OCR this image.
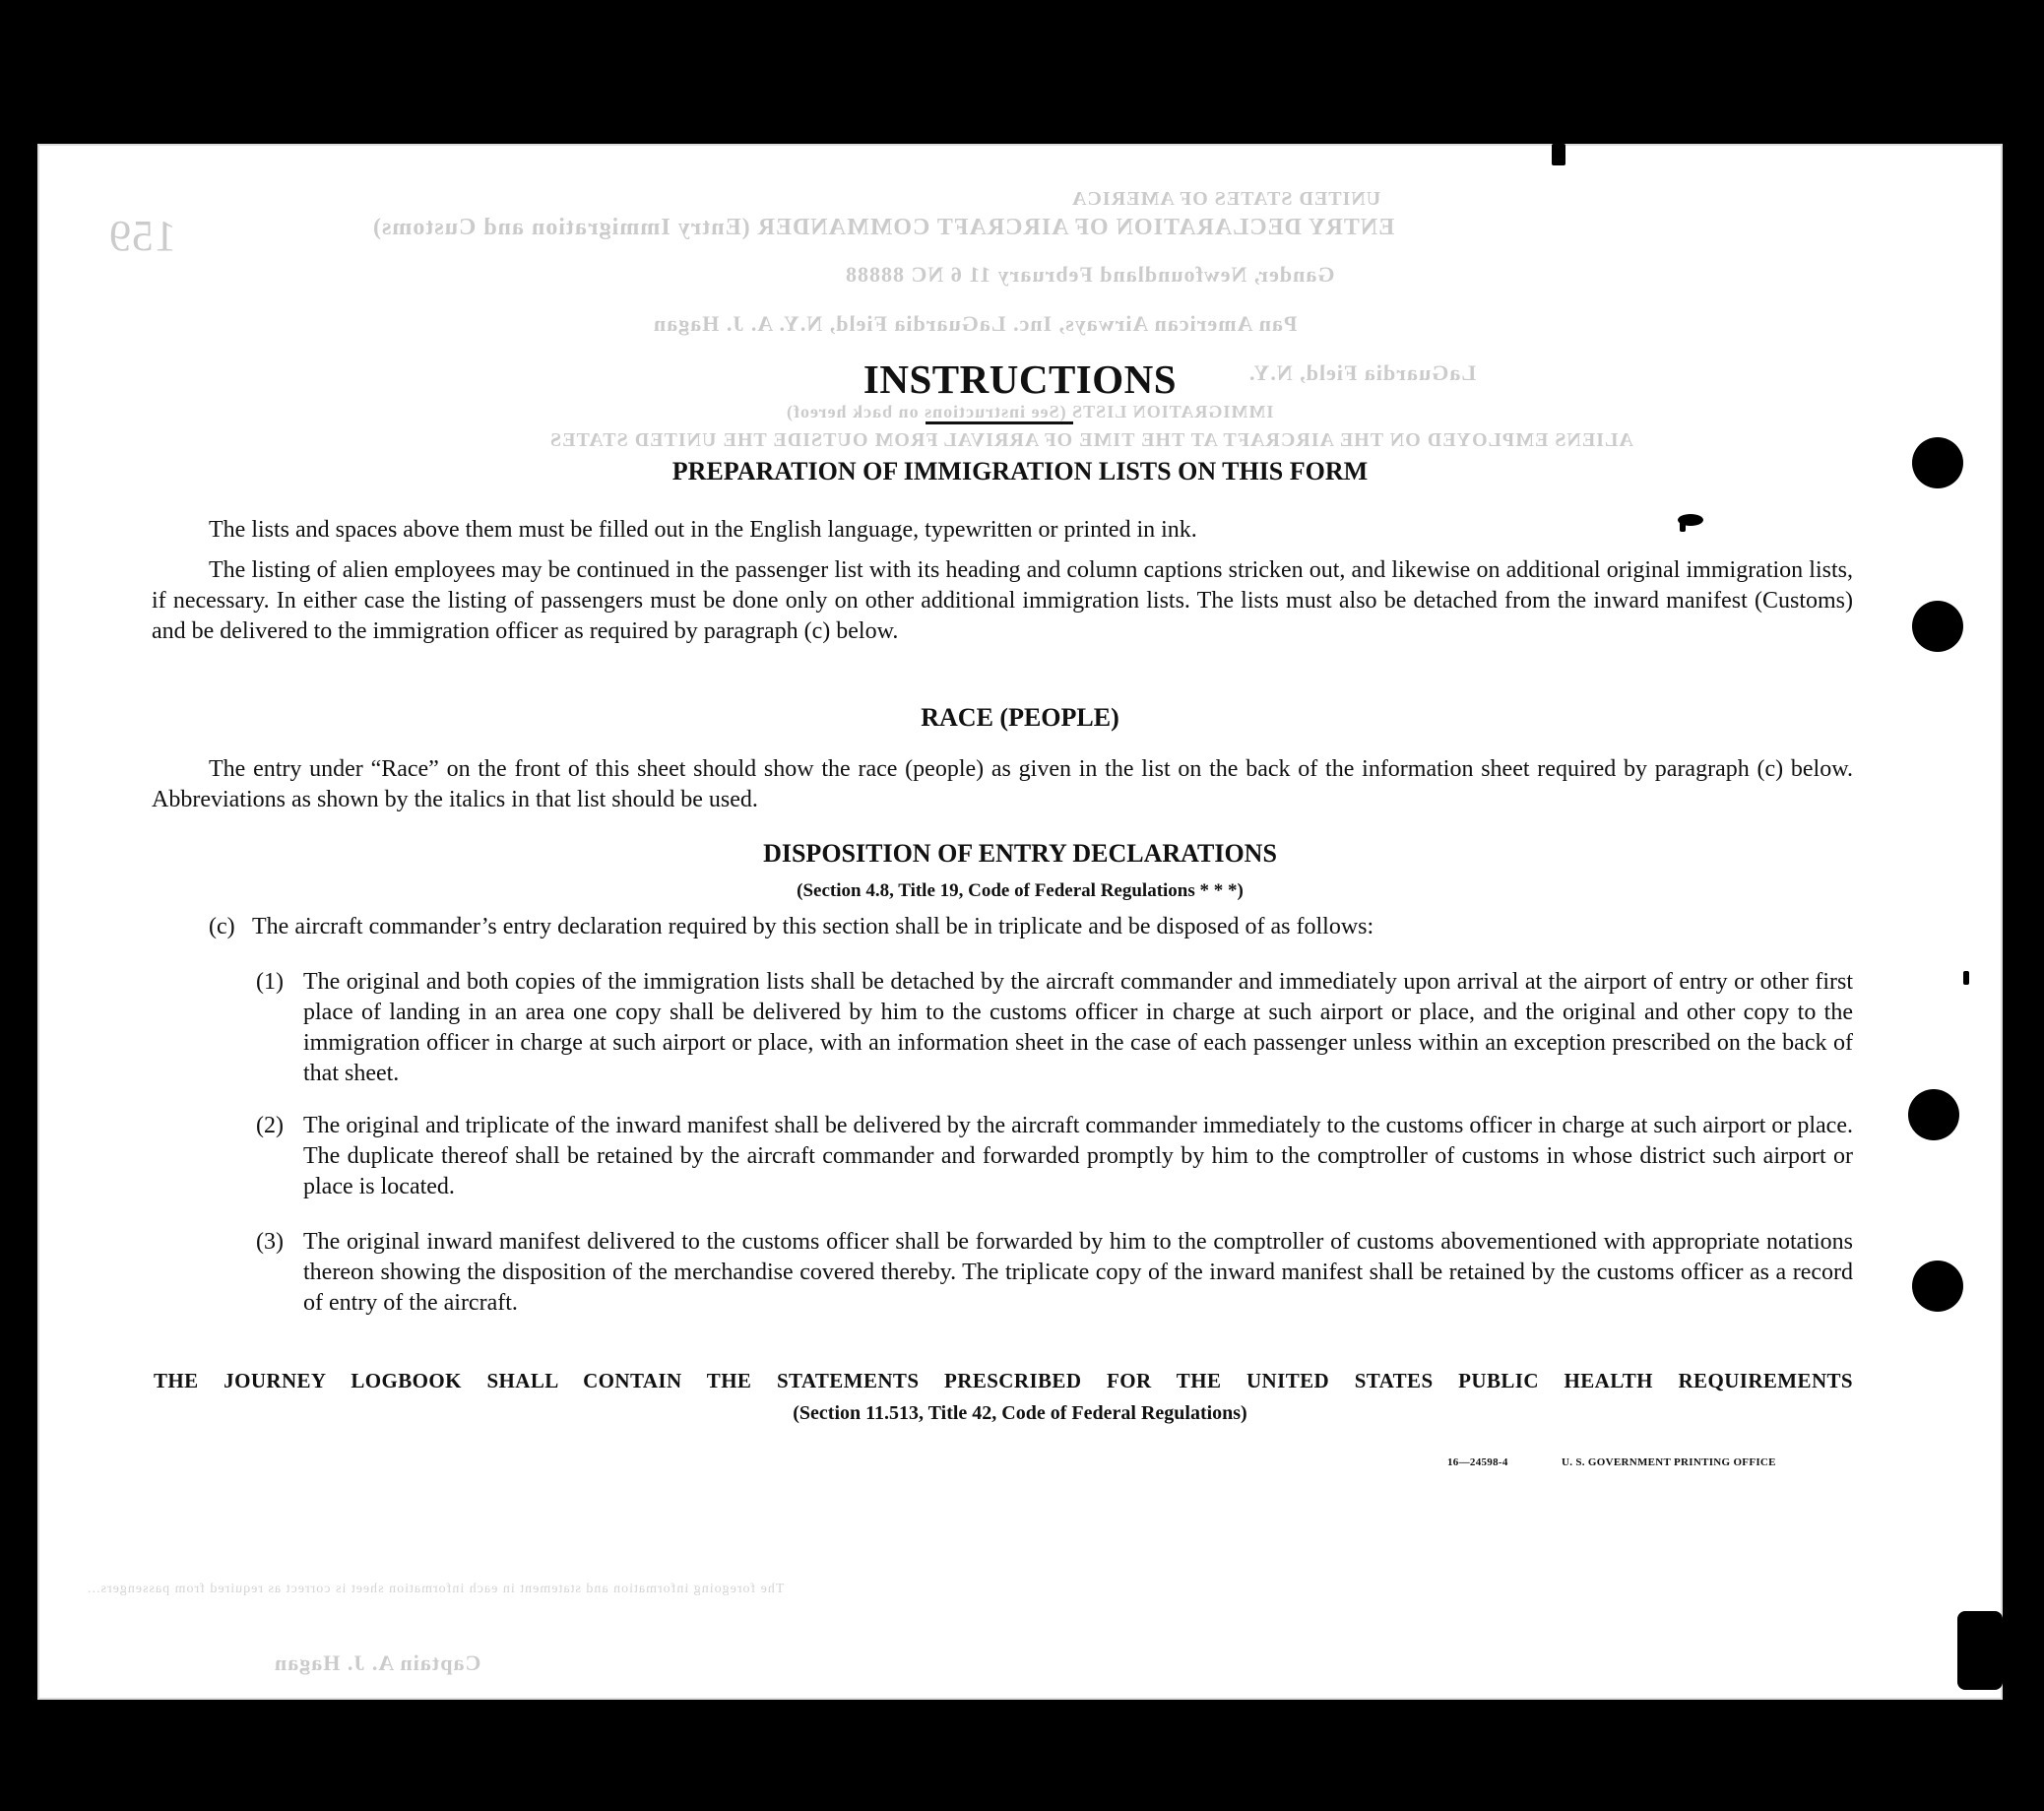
159
UNITED STATES OF AMERICA
ENTRY DECLARATION OF AIRCRAFT COMMANDER (Entry Immigration and Customs)
Gander, Newfoundland February 11 6 NC 88888
Pan American Airways, Inc. LaGuardia Field, N.Y. A. J. Hagan
LaGuardia Field, N.Y.
IMMIGRATION LISTS (See instructions on back hereof)
ALIENS EMPLOYED ON THE AIRCRAFT AT THE TIME OF ARRIVAL FROM OUTSIDE THE UNITED STATES
The foregoing information and statement in each information sheet is correct as required from passengers...
Captain A. J. Hagan
INSTRUCTIONS
PREPARATION OF IMMIGRATION LISTS ON THIS FORM
The lists and spaces above them must be filled out in the English language, typewritten or printed in ink.
The listing of alien employees may be continued in the passenger list with its heading and column captions stricken out, and likewise on additional original immigration lists, if necessary. In either case the listing of passengers must be done only on other additional immigration lists. The lists must also be detached from the inward manifest (Customs) and be delivered to the immigration officer as required by paragraph (c) below.
RACE (PEOPLE)
The entry under “Race” on the front of this sheet should show the race (people) as given in the list on the back of the information sheet required by paragraph (c) below. Abbreviations as shown by the italics in that list should be used.
DISPOSITION OF ENTRY DECLARATIONS
(Section 4.8, Title 19, Code of Federal Regulations * * *)
(c) The aircraft commander’s entry declaration required by this section shall be in triplicate and be disposed of as follows:
(1) The original and both copies of the immigration lists shall be detached by the aircraft commander and immediately upon arrival at the airport of entry or other first place of landing in an area one copy shall be delivered by him to the customs officer in charge at such airport or place, and the original and other copy to the immigration officer in charge at such airport or place, with an information sheet in the case of each passenger unless within an exception prescribed on the back of that sheet.
(2) The original and triplicate of the inward manifest shall be delivered by the aircraft commander immediately to the customs officer in charge at such airport or place. The duplicate thereof shall be retained by the aircraft commander and forwarded promptly by him to the comptroller of customs in whose district such airport or place is located.
(3) The original inward manifest delivered to the customs officer shall be forwarded by him to the comptroller of customs abovementioned with appropriate notations thereon showing the disposition of the merchandise covered thereby. The triplicate copy of the inward manifest shall be retained by the customs officer as a record of entry of the aircraft.
THE JOURNEY LOGBOOK SHALL CONTAIN THE STATEMENTS PRESCRIBED FOR THE UNITED STATES PUBLIC HEALTH REQUIREMENTS
(Section 11.513, Title 42, Code of Federal Regulations)
16—24598-4	U. S. GOVERNMENT PRINTING OFFICE
